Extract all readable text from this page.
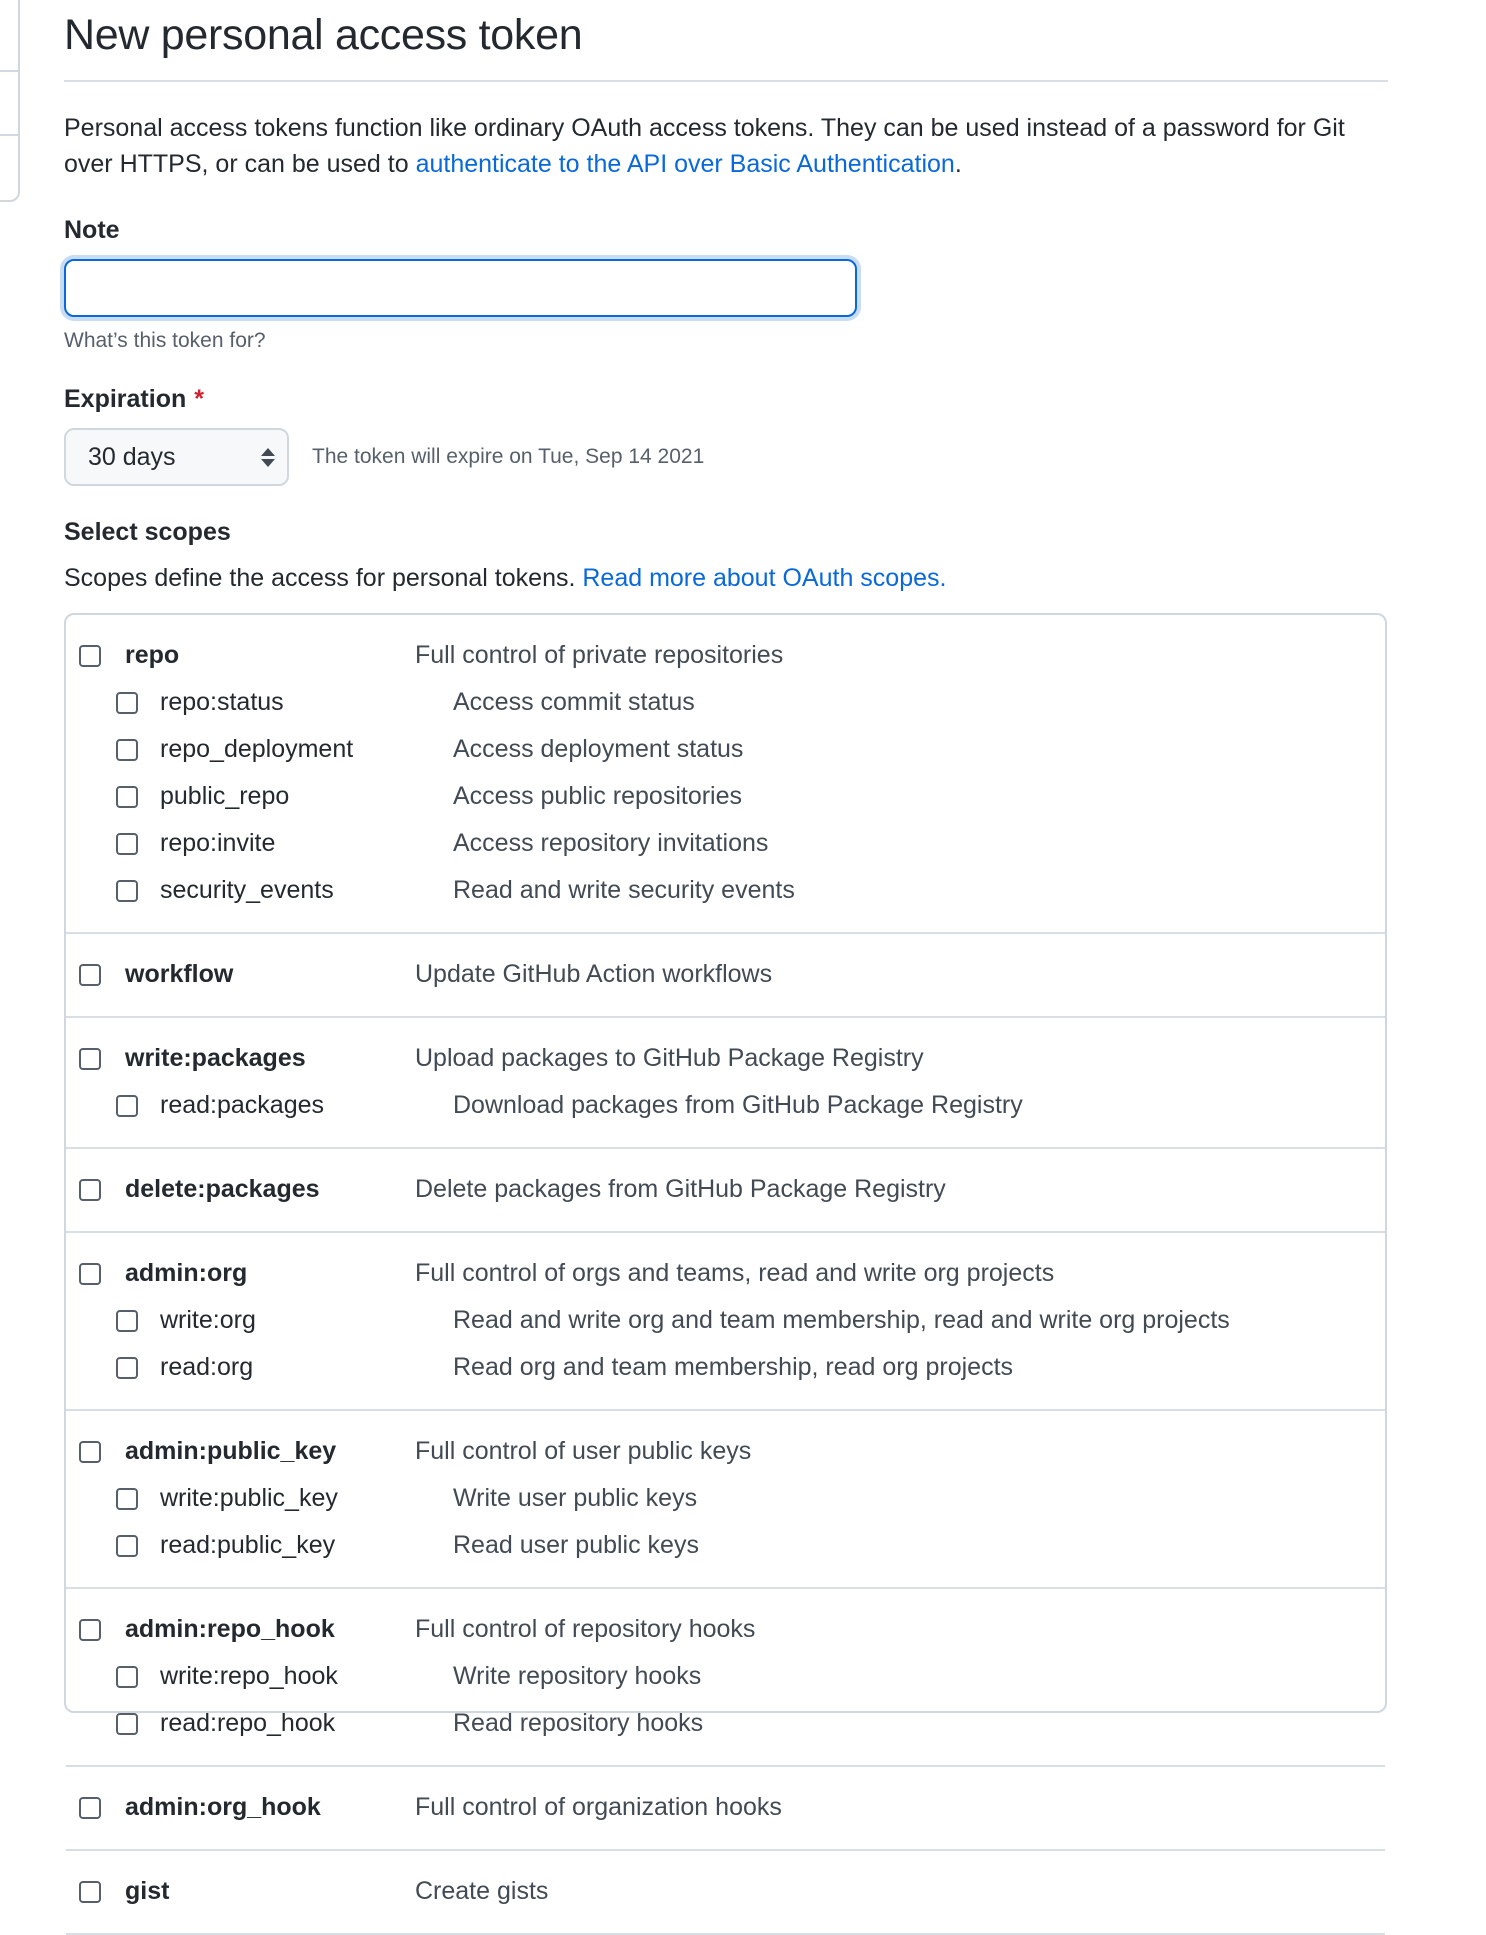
New personal access token

Personal access tokens function like ordinary OAuth access tokens. They can be used instead of a password for Git over HTTPS, or can be used to authenticate to the API over Basic Authentication.

Note
What’s this token for?
Expiration *
30 days	The token will expire on Tue, Sep 14 2021
Select scopes

Scopes define the access for personal tokens. Read more about OAuth scopes.

repo	Full control of private repositories
repo:status	Access commit status
repo_deployment	Access deployment status
public_repo	Access public repositories
repo:invite	Access repository invitations
security_events	Read and write security events
workflow	Update GitHub Action workflows
write:packages	Upload packages to GitHub Package Registry
read:packages	Download packages from GitHub Package Registry
delete:packages	Delete packages from GitHub Package Registry
admin:org	Full control of orgs and teams, read and write org projects
write:org	Read and write org and team membership, read and write org projects
read:org	Read org and team membership, read org projects
admin:public_key	Full control of user public keys
write:public_key	Write user public keys
read:public_key	Read user public keys
admin:repo_hook	Full control of repository hooks
write:repo_hook	Write repository hooks
read:repo_hook	Read repository hooks
admin:org_hook	Full control of organization hooks
gist	Create gists
